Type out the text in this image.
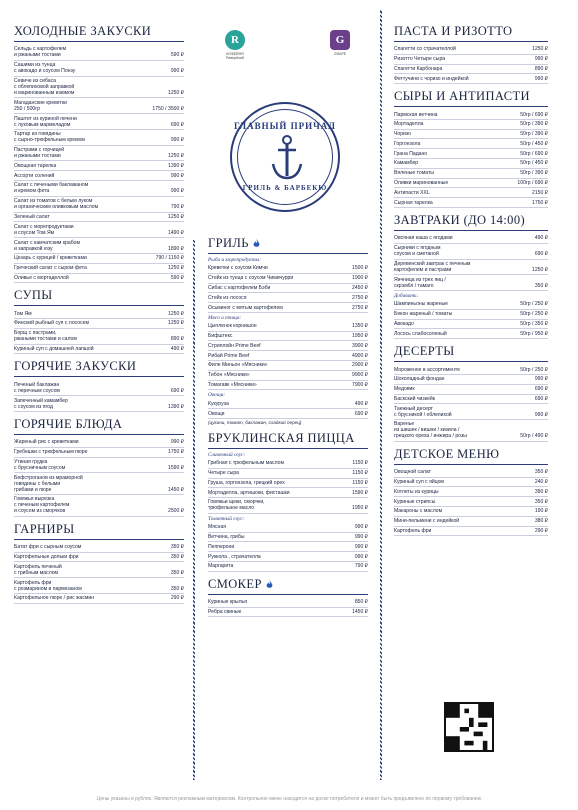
R
КОФЕЙНЯ РиверКлаб
G
GRAPE
ГЛАВНЫЙ ПРИЧАЛ
ГРИЛЬ & БАРБЕКЮ
ХОЛОДНЫЕ ЗАКУСКИ
Сельдь с картофелем
и ржаными тостами	590 ₽
Сашими из тунца
с авокадо и соусом Понзу	990 ₽
Севиче из сибаса
с облепиховой заправкой
и маринованным изюмом	1250 ₽
Магаданские креветки
250 / 500гр	1750 / 3500 ₽
Паштет из куриной печени
с луковым мармеладом	690 ₽
Тартар из говядины
с сырно-трюфельным кремом	990 ₽
Пастрами с горчицей
и ржаными тостами	1250 ₽
Овощная тарелка	1390 ₽
Ассорти солений	990 ₽
Салат с печеными баклажаном
и кремом фета	990 ₽
Салат из томатов с белым луком
и органическим оливковым маслом	790 ₽
Зеленый салат	1250 ₽
Салат с морепродуктами
и соусом Том Ям	1490 ₽
Салат с камчатским крабом
и заправкой юзу	1890 ₽
Цезарь с курицей / креветками	790 / 1150 ₽
Греческий салат с сыром фета	1250 ₽
Оливье с мортаделлой	590 ₽
СУПЫ
Том Ям	1250 ₽
Финский рыбный суп с лососем	1250 ₽
Борщ с пастрами,
ржаными тостами и салом	890 ₽
Куриный суп с домашней лапшой	490 ₽
ГОРЯЧИЕ ЗАКУСКИ
Печеный баклажан
с перечным соусом	690 ₽
Запеченный камамбер
с соусом из ягод	1390 ₽
ГОРЯЧИЕ БЛЮДА
Жареный рис с креветками	990 ₽
Гребешки с трюфельным пюре	1750 ₽
Утиная грудка
с брусничным соусом	1590 ₽
Бефстроганов из мраморной
говядины с белыми
грибами и пюре	1450 ₽
Говяжья вырезка
с печеным картофелем
и соусом из сморчков	2500 ₽
ГАРНИРЫ
Батат фри с сырным соусом	350 ₽
Картофельные дольки фри	350 ₽
Картофель печеный
с грибным маслом	350 ₽
Картофель фри
с розмарином и пармезаном	350 ₽
Картофельное пюре / рис жасмин	290 ₽
ГРИЛЬ
Рыба и морепродукты:
Креветки с соусом Кимчи	1500 ₽
Стейк из тунца с соусом Чимичурри	1900 ₽
Сибас с картофелем Бэби	2450 ₽
Стейк из лосося	2750 ₽
Осьминог с мятым картофелем	2750 ₽
Мясо и птица:
Цыпленок корнишон	1350 ₽
Бифштекс	1950 ₽
Стриплойн Prime Beef	3900 ₽
Рибай Prime Beef	4900 ₽
Филе Миньон «Мясники»	2900 ₽
Тибон «Мясники»	9900 ₽
Томагавк «Мясники»	7900 ₽
Овощи:
Кукуруза	490 ₽
Овощи	690 ₽
(цукини, томат, баклажан, сладкий перец)
БРУКЛИНСКАЯ ПИЦЦА
Сливочный соус:
Грибная с трюфельным маслом	1150 ₽
Четыре сыра	1150 ₽
Груша, горгонзола, грецкий орех	1150 ₽
Мортаделла, артишоки, фисташки	1590 ₽
Говяжьи щеки, сморчки,
трюфельное масло	1950 ₽
Томатный соус:
Мясная	990 ₽
Ветчина, грибы	990 ₽
Пепперони	990 ₽
Руккола , страчателла	990 ₽
Маргарита	790 ₽
СМОКЕР
Куриные крылья	850 ₽
Ребра свиные	1450 ₽
ПАСТА И РИЗОТТО
Спагетти со страчателлой	1250 ₽
Ризотто Четыре сыра	990 ₽
Спагетти Карбонара	890 ₽
Феттучини с чоризо и индейкой	990 ₽
СЫРЫ И АНТИПАСТИ
Пармская ветчина	50гр / 690 ₽
Мортаделла	50гр / 390 ₽
Чоризо	50гр / 390 ₽
Горгонзола	50гр / 450 ₽
Грана Падано	50гр / 690 ₽
Камамбер	50гр / 450 ₽
Вяленые томаты	50гр / 390 ₽
Оливки маринованные	100гр / 690 ₽
Антипасти XXL	2150 ₽
Сырная тарелка	1750 ₽
ЗАВТРАКИ (ДО 14:00)
Овсяная каша с ягодами	490 ₽
Сырники с ягодным
соусом и сметаной	690 ₽
Деревенский завтрак с печеным
картофелем и пастрами	1250 ₽
Яичница из трех яиц /
скрэмбл / тамаго	350 ₽
Добавить:
Шампиньоны жареные	50гр / 250 ₽
Бекон жареный / томаты	50гр / 250 ₽
Авокадо	50гр / 350 ₽
Лосось слабосоленый	50гр / 950 ₽
ДЕСЕРТЫ
Мороженое в ассортименте	50гр / 250 ₽
Шоколадный фондан	990 ₽
Медовик	690 ₽
Баскский чизкейк	690 ₽
Таежный десерт
с брусникой / облепихой	990 ₽
Варенье
из шишек / вишни / кизила /
грецкого ореха / инжира / розы	50гр / 490 ₽
ДЕТСКОЕ МЕНЮ
Овощной салат	350 ₽
Куриный суп с яйцом	240 ₽
Котлеты из курицы	390 ₽
Куриные стрипсы	350 ₽
Макароны с маслом	190 ₽
Мини-пельмени с индейкой	380 ₽
Картофель фри	290 ₽
Цены указаны в рублях. Являются рекламным материалом. Контрольное меню находится на доске потребителя и может быть предъявлено по первому требованию
